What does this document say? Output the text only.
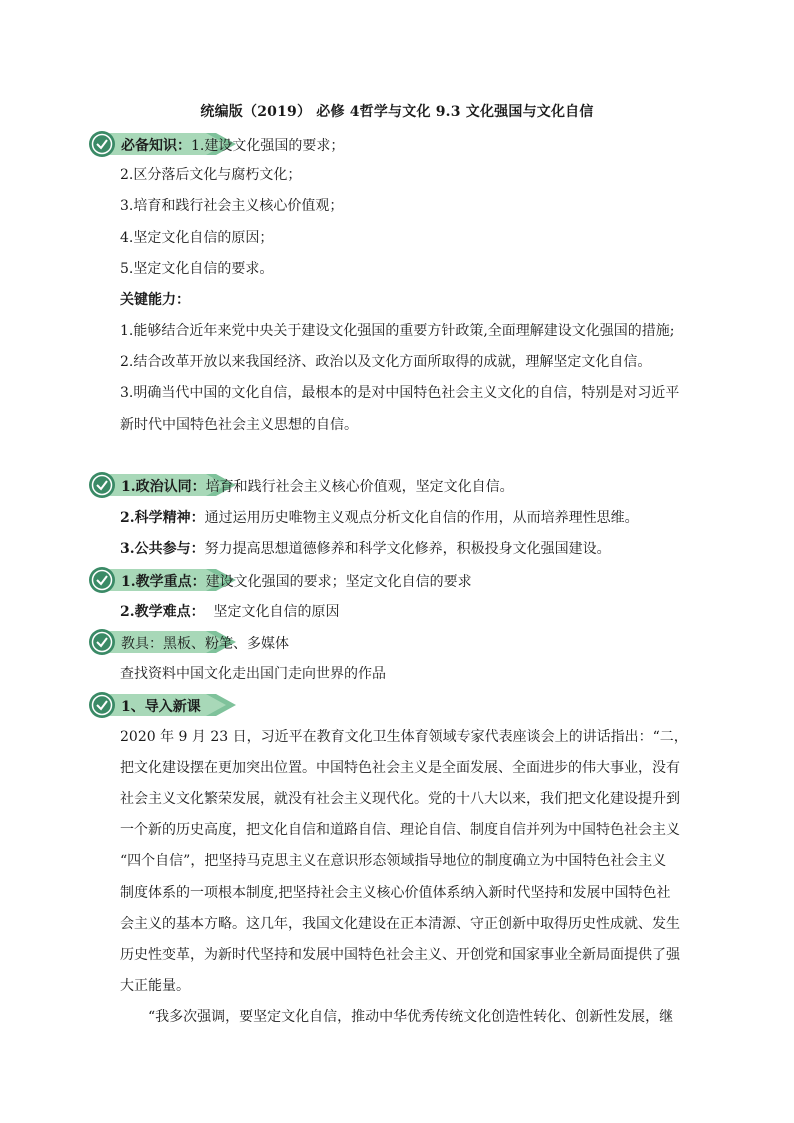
统编版（2019） 必修 4哲学与文化 9.3 文化强国与文化自信
必备知识：1.建设文化强国的要求；
2.区分落后文化与腐朽文化；
3.培育和践行社会主义核心价值观；
4.坚定文化自信的原因；
5.坚定文化自信的要求。
关键能力：
1.能够结合近年来党中央关于建设文化强国的重要方针政策,全面理解建设文化强国的措施;
2.结合改革开放以来我国经济、政治以及文化方面所取得的成就，理解坚定文化自信。
3.明确当代中国的文化自信，最根本的是对中国特色社会主义文化的自信，特别是对习近平
新时代中国特色社会主义思想的自信。
1.政治认同：培育和践行社会主义核心价值观，坚定文化自信。
2.科学精神：通过运用历史唯物主义观点分析文化自信的作用，从而培养理性思维。
3.公共参与：努力提高思想道德修养和科学文化修养，积极投身文化强国建设。
1.教学重点：建设文化强国的要求；坚定文化自信的要求
2.教学难点：  坚定文化自信的原因
教具：黑板、粉笔、多媒体
查找资料中国文化走出国门走向世界的作品
1、导入新课
2020 年 9 月 23 日，习近平在教育文化卫生体育领域专家代表座谈会上的讲话指出：“二，
把文化建设摆在更加突出位置。中国特色社会主义是全面发展、全面进步的伟大事业，没有
社会主义文化繁荣发展，就没有社会主义现代化。党的十八大以来，我们把文化建设提升到
一个新的历史高度，把文化自信和道路自信、理论自信、制度自信并列为中国特色社会主义
“四个自信”，把坚持马克思主义在意识形态领域指导地位的制度确立为中国特色社会主义
制度体系的一项根本制度,把坚持社会主义核心价值体系纳入新时代坚持和发展中国特色社
会主义的基本方略。这几年，我国文化建设在正本清源、守正创新中取得历史性成就、发生
历史性变革，为新时代坚持和发展中国特色社会主义、开创党和国家事业全新局面提供了强
大正能量。
“我多次强调，要坚定文化自信，推动中华优秀传统文化创造性转化、创新性发展，继
